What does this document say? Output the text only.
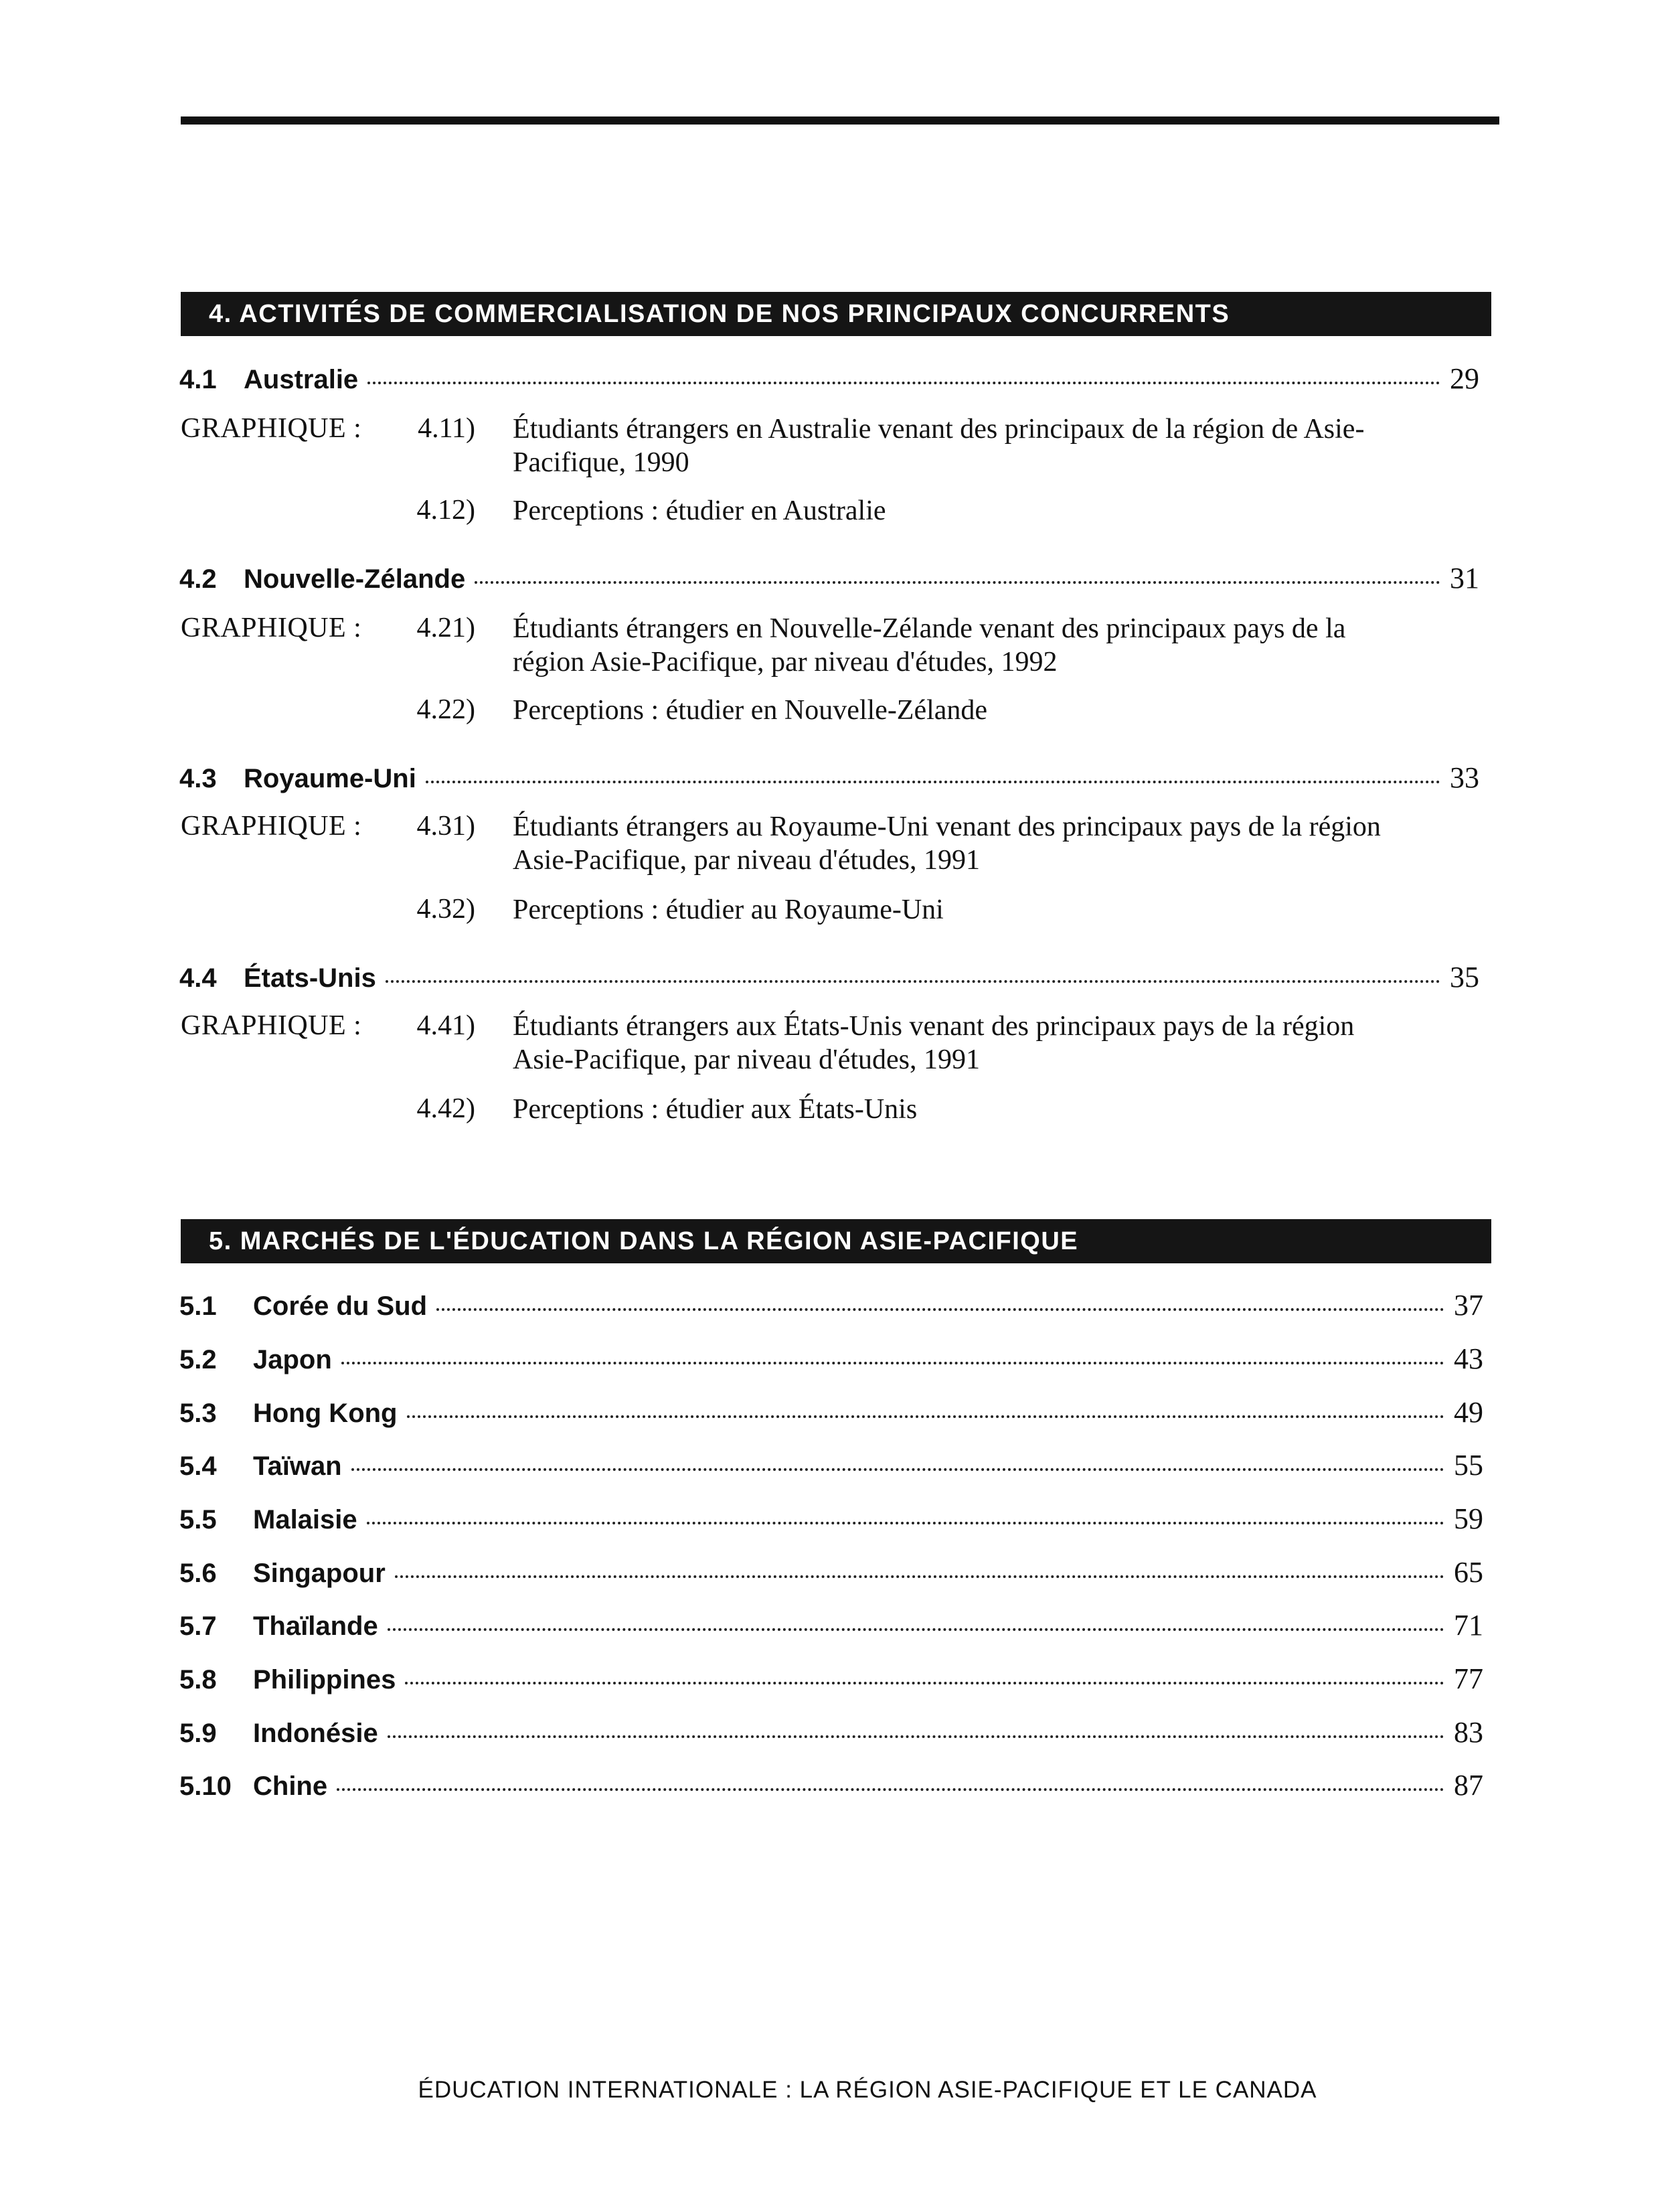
4. ACTIVITÉS DE COMMERCIALISATION DE NOS PRINCIPAUX CONCURRENTS
4.1	Australie	29
GRAPHIQUE :	4.11) Étudiants étrangers en Australie venant des principaux de la région de Asie-Pacifique, 1990
4.12) Perceptions : étudier en Australie
4.2	Nouvelle-Zélande	31
GRAPHIQUE :	4.21) Étudiants étrangers en Nouvelle-Zélande venant des principaux pays de la région Asie-Pacifique, par niveau d'études, 1992
4.22) Perceptions : étudier en Nouvelle-Zélande
4.3	Royaume-Uni	33
GRAPHIQUE :	4.31) Étudiants étrangers au Royaume-Uni venant des principaux pays de la région Asie-Pacifique, par niveau d'études, 1991
4.32) Perceptions : étudier au Royaume-Uni
4.4	États-Unis	35
GRAPHIQUE :	4.41) Étudiants étrangers aux États-Unis venant des principaux pays de la région Asie-Pacifique, par niveau d'études, 1991
4.42) Perceptions : étudier aux États-Unis
5. MARCHÉS DE L'ÉDUCATION DANS LA RÉGION ASIE-PACIFIQUE
5.1	Corée du Sud	37
5.2	Japon	43
5.3	Hong Kong	49
5.4	Taïwan	55
5.5	Malaisie	59
5.6	Singapour	65
5.7	Thaïlande	71
5.8	Philippines	77
5.9	Indonésie	83
5.10 Chine	87
ÉDUCATION INTERNATIONALE : LA RÉGION ASIE-PACIFIQUE ET LE CANADA
